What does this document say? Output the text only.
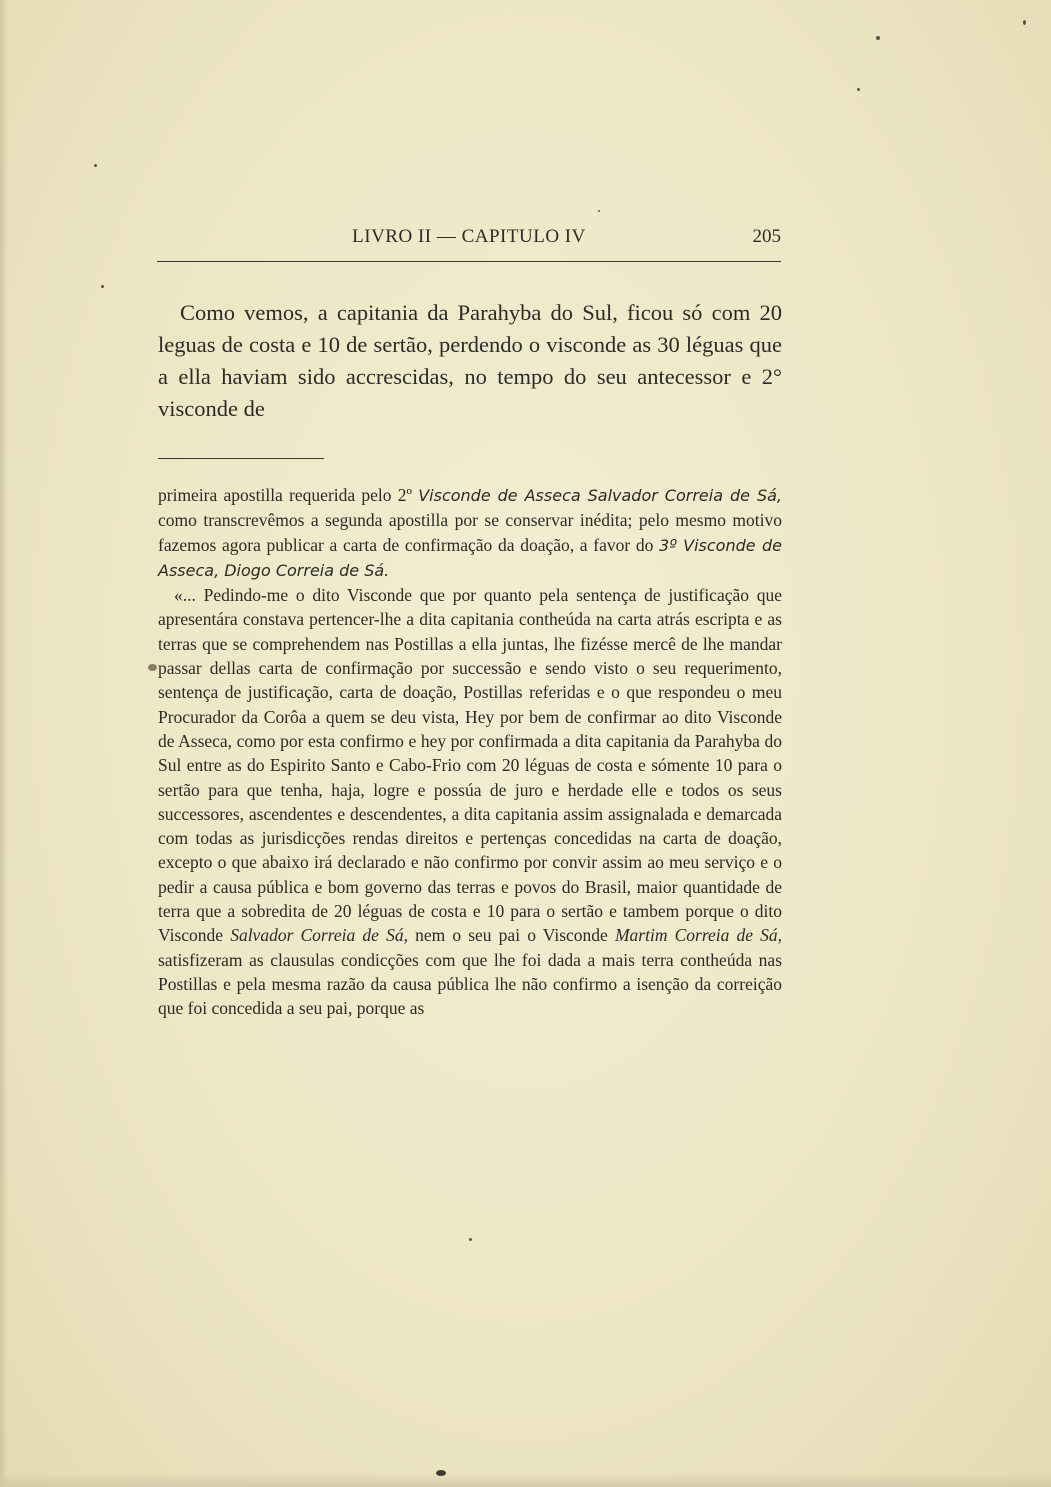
LIVRO II — CAPITULO IV	205

Como vemos, a capitania da Parahyba do Sul, ficou só com 20 leguas de costa e 10 de sertão, perdendo o visconde as 30 léguas que a ella haviam sido accrescidas, no tempo do seu antecessor e 2° visconde de

primeira apostilla requerida pelo 2º Visconde de Asseca Salvador Correia de Sá, como transcrevêmos a segunda apostilla por se conservar inédita; pelo mesmo motivo fazemos agora publicar a carta de confirmação da doação, a favor do 3º Visconde de Asseca, Diogo Correia de Sá.

«... Pedindo-me o dito Visconde que por quanto pela sentença de justificação que apresentára constava pertencer-lhe a dita capitania contheúda na carta atrás escripta e as terras que se comprehendem nas Postillas a ella juntas, lhe fizésse mercê de lhe mandar passar dellas carta de confirmação por successão e sendo visto o seu requerimento, sentença de justificação, carta de doação, Postillas referidas e o que respondeu o meu Procurador da Corôa a quem se deu vista, Hey por bem de confirmar ao dito Visconde de Asseca, como por esta confirmo e hey por confirmada a dita capitania da Parahyba do Sul entre as do Espirito Santo e Cabo-Frio com 20 léguas de costa e sómente 10 para o sertão para que tenha, haja, logre e possúa de juro e herdade elle e todos os seus successores, ascendentes e descendentes, a dita capitania assim assignalada e demarcada com todas as jurisdicções rendas direitos e pertenças concedidas na carta de doação, excepto o que abaixo irá declarado e não confirmo por convir assim ao meu serviço e o pedir a causa pública e bom governo das terras e povos do Brasil, maior quantidade de terra que a sobredita de 20 léguas de costa e 10 para o sertão e tambem porque o dito Visconde Salvador Correia de Sá, nem o seu pai o Visconde Martim Correia de Sá, satisfizeram as clausulas condicções com que lhe foi dada a mais terra contheúda nas Postillas e pela mesma razão da causa pública lhe não confirmo a isenção da correição que foi concedida a seu pai, porque as
